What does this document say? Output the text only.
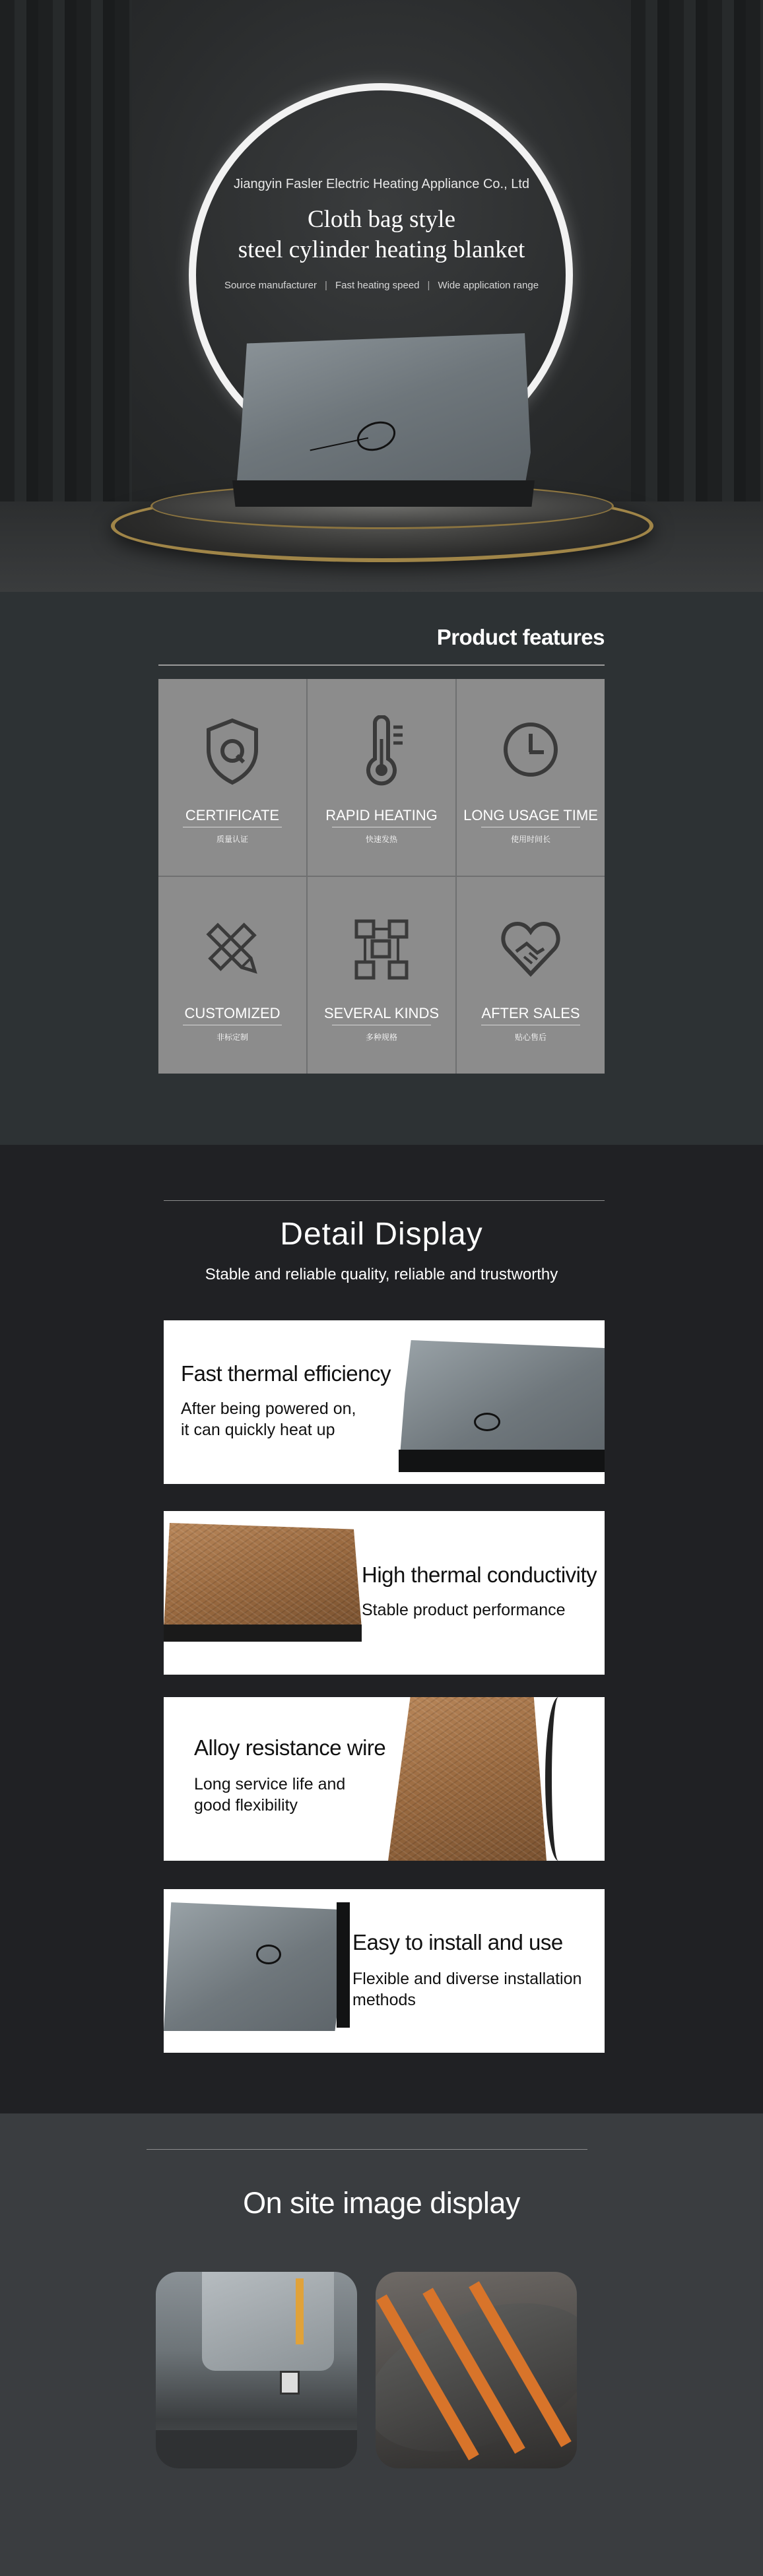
Jiangyin Fasler Electric Heating Appliance Co., Ltd
Cloth bag style
steel cylinder heating blanket
Source manufacturer | Fast heating speed | Wide application range
Product features
CERTIFICATE
质量认证
RAPID HEATING
快速发热
LONG USAGE TIME
使用时间长
CUSTOMIZED
非标定制
SEVERAL KINDS
多种规格
AFTER SALES
贴心售后
Detail Display
Stable and reliable quality, reliable and trustworthy
Fast thermal efficiency
After being powered on,
it can quickly heat up
High thermal conductivity
Stable product performance
Alloy resistance wire
Long service life and
good flexibility
Easy to install and use
Flexible and diverse installation
methods
On site image display
